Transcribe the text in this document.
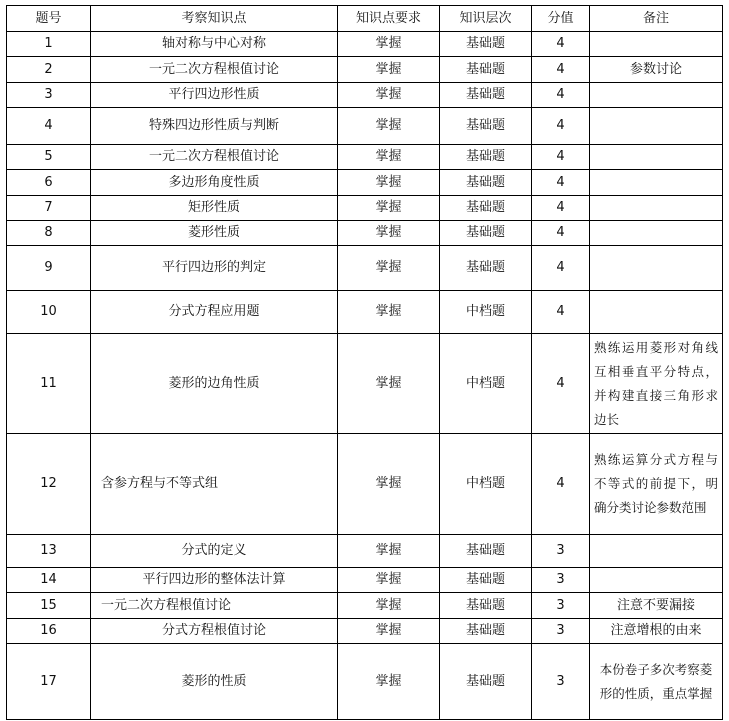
题号	考察知识点	知识点要求	知识层次	分值	备注
1	轴对称与中心对称	掌握	基础题	4	
2	一元二次方程根值讨论	掌握	基础题	4	参数讨论
3	平行四边形性质	掌握	基础题	4	
4	特殊四边形性质与判断	掌握	基础题	4	
5	一元二次方程根值讨论	掌握	基础题	4	
6	多边形角度性质	掌握	基础题	4	
7	矩形性质	掌握	基础题	4	
8	菱形性质	掌握	基础题	4	
9	平行四边形的判定	掌握	基础题	4	
10	分式方程应用题	掌握	中档题	4	
11	菱形的边角性质	掌握	中档题	4	熟练运用菱形对角线互相垂直平分特点，并构建直接三角形求边长
12	含参方程与不等式组	掌握	中档题	4	熟练运算分式方程与不等式的前提下，明确分类讨论参数范围
13	分式的定义	掌握	基础题	3	
14	平行四边形的整体法计算	掌握	基础题	3	
15	一元二次方程根值讨论	掌握	基础题	3	注意不要漏接
16	分式方程根值讨论	掌握	基础题	3	注意增根的由来
17	菱形的性质	掌握	基础题	3	本份卷子多次考察菱形的性质，重点掌握
